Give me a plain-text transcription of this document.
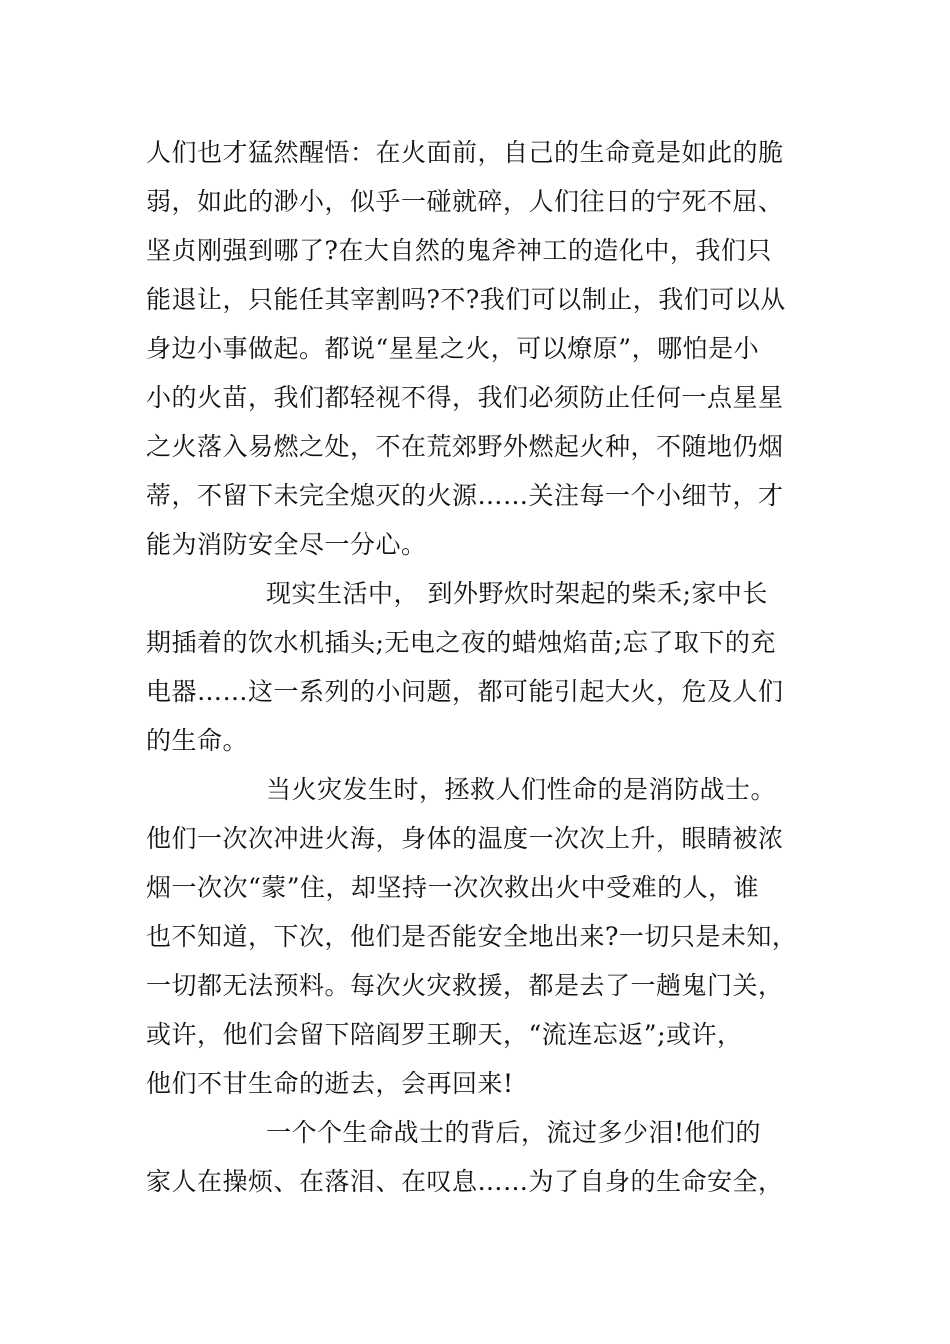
人们也才猛然醒悟：在火面前，自己的生命竟是如此的脆
弱，如此的渺小，似乎一碰就碎，人们往日的宁死不屈、
坚贞刚强到哪了?在大自然的鬼斧神工的造化中，我们只
能退让，只能任其宰割吗?不?我们可以制止，我们可以从
身边小事做起。都说“星星之火，可以燎原”，哪怕是小
小的火苗，我们都轻视不得，我们必须防止任何一点星星
之火落入易燃之处，不在荒郊野外燃起火种，不随地仍烟
蒂，不留下未完全熄灭的火源……关注每一个小细节，才
能为消防安全尽一分心。
现实生活中， 到外野炊时架起的柴禾;家中长
期插着的饮水机插头;无电之夜的蜡烛焰苗;忘了取下的充
电器……这一系列的小问题，都可能引起大火，危及人们
的生命。
当火灾发生时，拯救人们性命的是消防战士。
他们一次次冲进火海，身体的温度一次次上升，眼睛被浓
烟一次次“蒙”住，却坚持一次次救出火中受难的人，谁
也不知道，下次，他们是否能安全地出来?一切只是未知，
一切都无法预料。每次火灾救援，都是去了一趟鬼门关，
或许，他们会留下陪阎罗王聊天，“流连忘返”;或许，
他们不甘生命的逝去，会再回来!
一个个生命战士的背后，流过多少泪!他们的
家人在操烦、在落泪、在叹息……为了自身的生命安全，
